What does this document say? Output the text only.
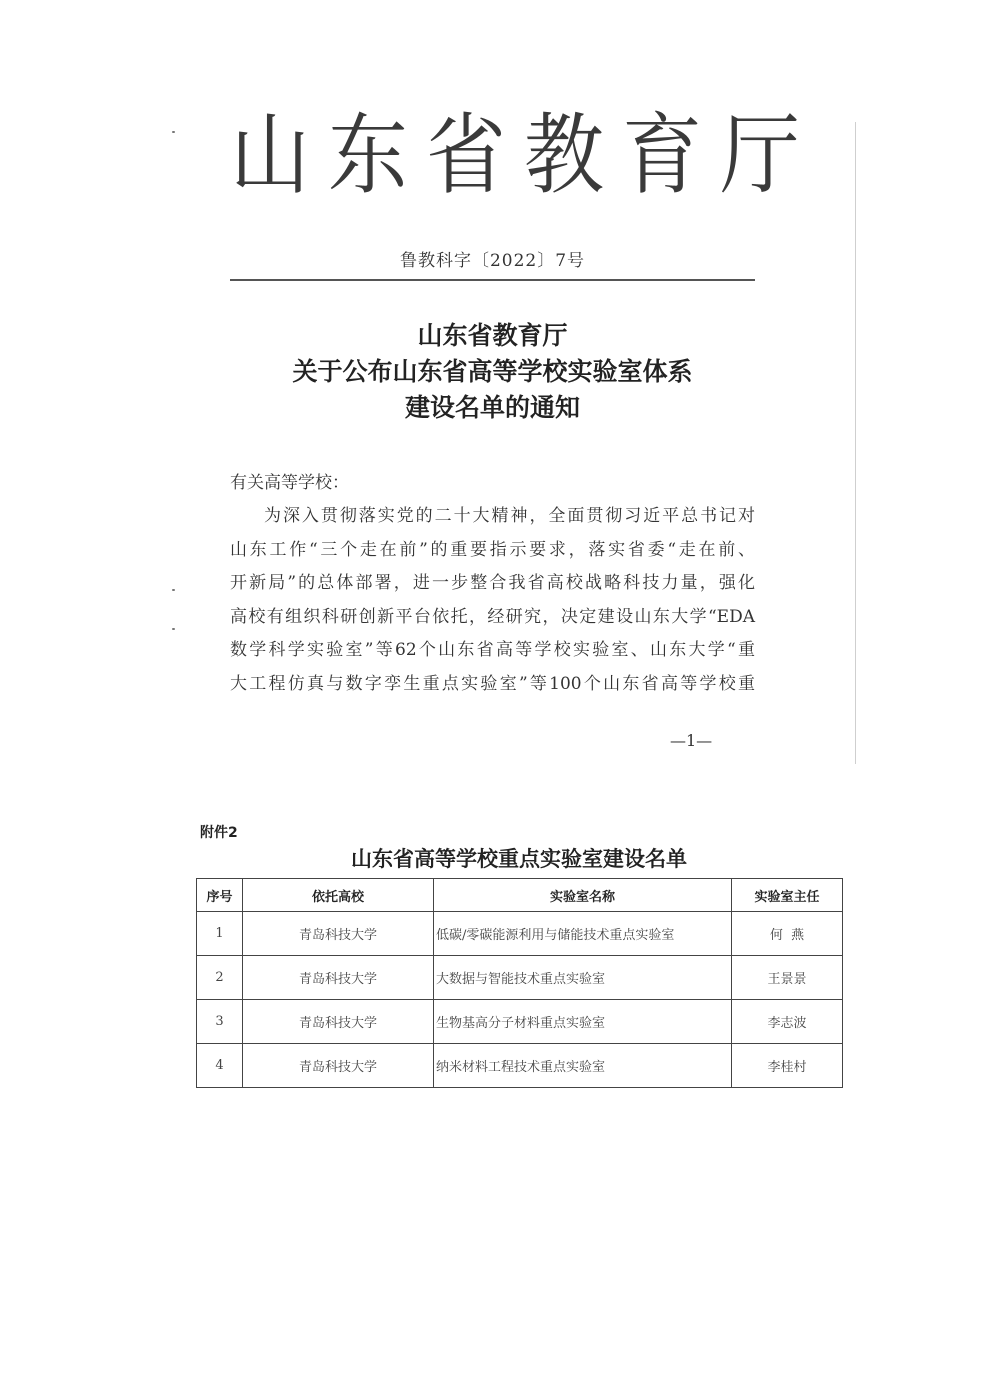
山东省教育厅
鲁教科字〔2022〕7号
山东省教育厅
关于公布山东省高等学校实验室体系
建设名单的通知
有关高等学校：
为深入贯彻落实党的二十大精神，全面贯彻习近平总书记对
山东工作“三个走在前”的重要指示要求，落实省委“走在前、
开新局”的总体部署，进一步整合我省高校战略科技力量，强化
高校有组织科研创新平台依托，经研究，决定建设山东大学“EDA
数学科学实验室”等62个山东省高等学校实验室、山东大学“重
大工程仿真与数字孪生重点实验室”等100个山东省高等学校重
—1—
附件2
山东省高等学校重点实验室建设名单
序号	依托高校	实验室名称	实验室主任
1	青岛科技大学	低碳/零碳能源利用与储能技术重点实验室	何  燕
2	青岛科技大学	大数据与智能技术重点实验室	王景景
3	青岛科技大学	生物基高分子材料重点实验室	李志波
4	青岛科技大学	纳米材料工程技术重点实验室	李桂村
